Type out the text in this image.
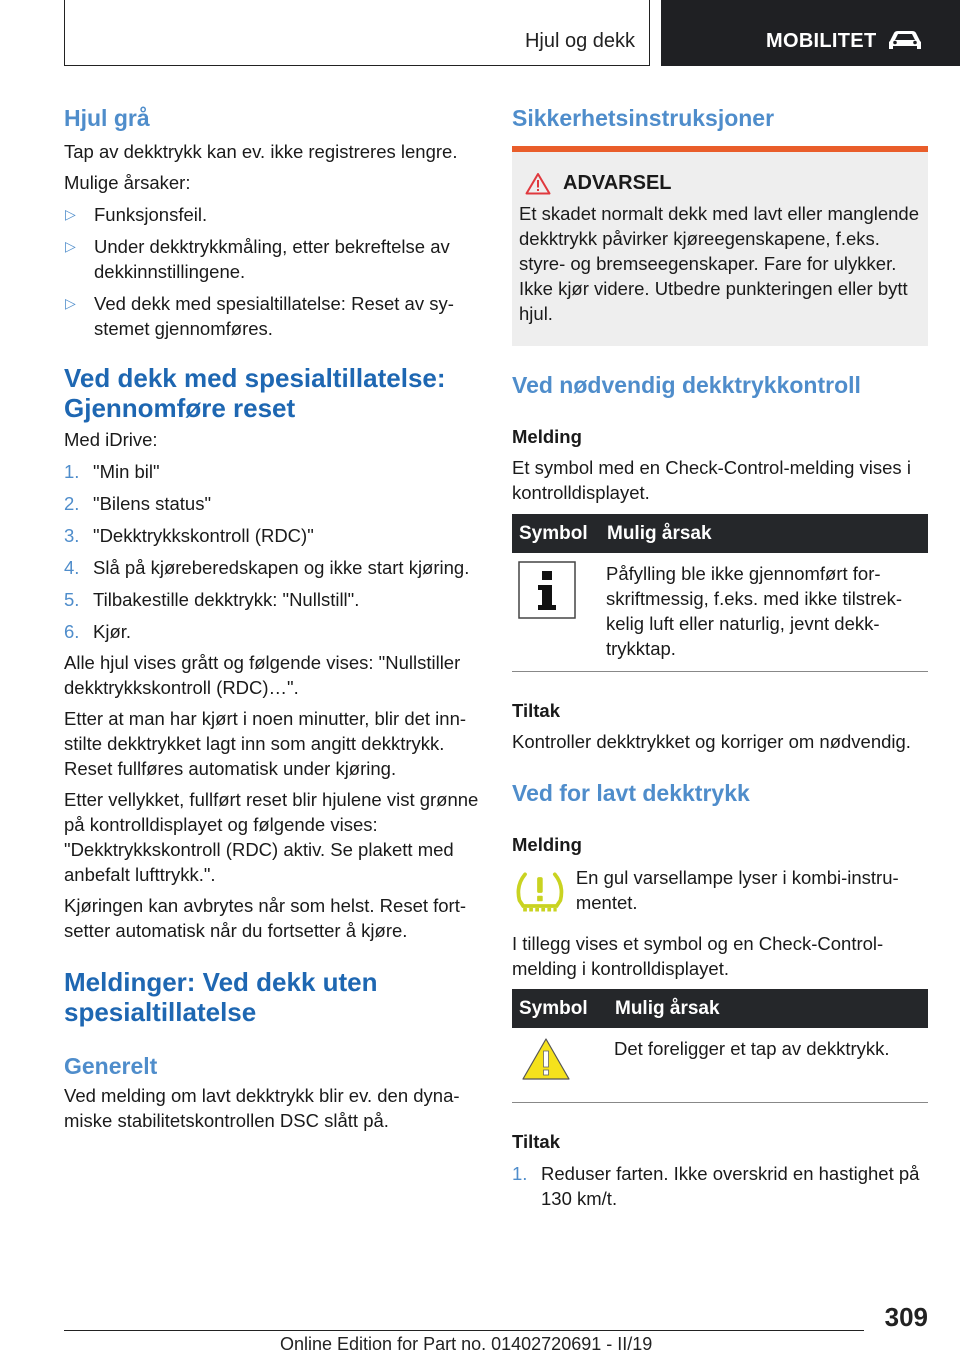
Hjul og dekk	MOBILITET
Hjul grå
Tap av dekktrykk kan ev. ikke registreres lengre.
Mulige årsaker:
▷ Funksjonsfeil.
▷ Under dekktrykkmåling, etter bekreftelse av dekkinnstillingene.
▷ Ved dekk med spesialtillatelse: Reset av systemet gjennomføres.
Ved dekk med spesialtillatelse: Gjennomføre reset
Med iDrive:
1. "Min bil"
2. "Bilens status"
3. "Dekktrykkskontroll (RDC)"
4. Slå på kjøreberedskapen og ikke start kjøring.
5. Tilbakestille dekktrykk: "Nullstill".
6. Kjør.
Alle hjul vises grått og følgende vises: "Nullstiller dekktrykkskontroll (RDC)…".
Etter at man har kjørt i noen minutter, blir det innstilte dekktrykket lagt inn som angitt dekktrykk. Reset fullføres automatisk under kjøring.
Etter vellykket, fullført reset blir hjulene vist grønne på kontrolldisplayet og følgende vises: "Dekktrykkskontroll (RDC) aktiv. Se plakett med anbefalt lufttrykk.".
Kjøringen kan avbrytes når som helst. Reset fortsetter automatisk når du fortsetter å kjøre.
Meldinger: Ved dekk uten spesialtillatelse
Generelt
Ved melding om lavt dekktrykk blir ev. den dynamiske stabilitetskontrollen DSC slått på.
Sikkerhetsinstruksjoner
ADVARSEL
Et skadet normalt dekk med lavt eller manglende dekktrykk påvirker kjøreegenskapene, f.eks. styre- og bremseegenskaper. Fare for ulykker. Ikke kjør videre. Utbedre punkteringen eller bytt hjul.
Ved nødvendig dekktrykkontroll
Melding
Et symbol med en Check-Control-melding vises i kontrolldisplayet.
Symbol	Mulig årsak
	Påfylling ble ikke gjennomført forskriftmessig, f.eks. med ikke tilstrekkelig luft eller naturlig, jevnt dekktrykktap.
Tiltak
Kontroller dekktrykket og korriger om nødvendig.
Ved for lavt dekktrykk
Melding
En gul varsellampe lyser i kombi-instrumentet.
I tillegg vises et symbol og en Check-Control-melding i kontrolldisplayet.
Symbol	Mulig årsak
	Det foreligger et tap av dekktrykk.
Tiltak
1. Reduser farten. Ikke overskrid en hastighet på 130 km/t.
309
Online Edition for Part no. 01402720691 - II/19
